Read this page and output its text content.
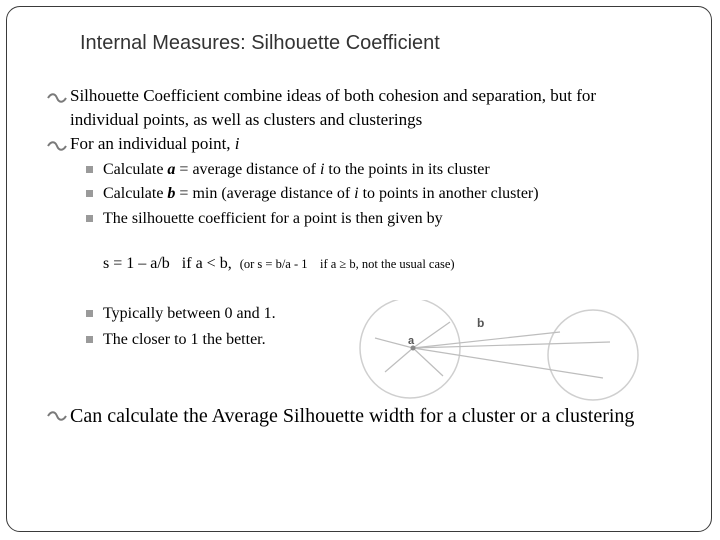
Internal Measures: Silhouette Coefficient
Silhouette Coefficient combine ideas of both cohesion and separation, but for
individual points, as well as clusters and clusterings
For an individual point, i
Calculate a = average distance of i to the points in its cluster
Calculate b = min (average distance of i to points in another cluster)
The silhouette coefficient for a point is then given by
s = 1 – a/b   if a < b, (or s = b/a - 1    if a ≥ b, not the usual case)
Typically between 0 and 1.
The closer to 1 the better.	a
b
Can calculate the Average Silhouette width for a cluster or a clustering
